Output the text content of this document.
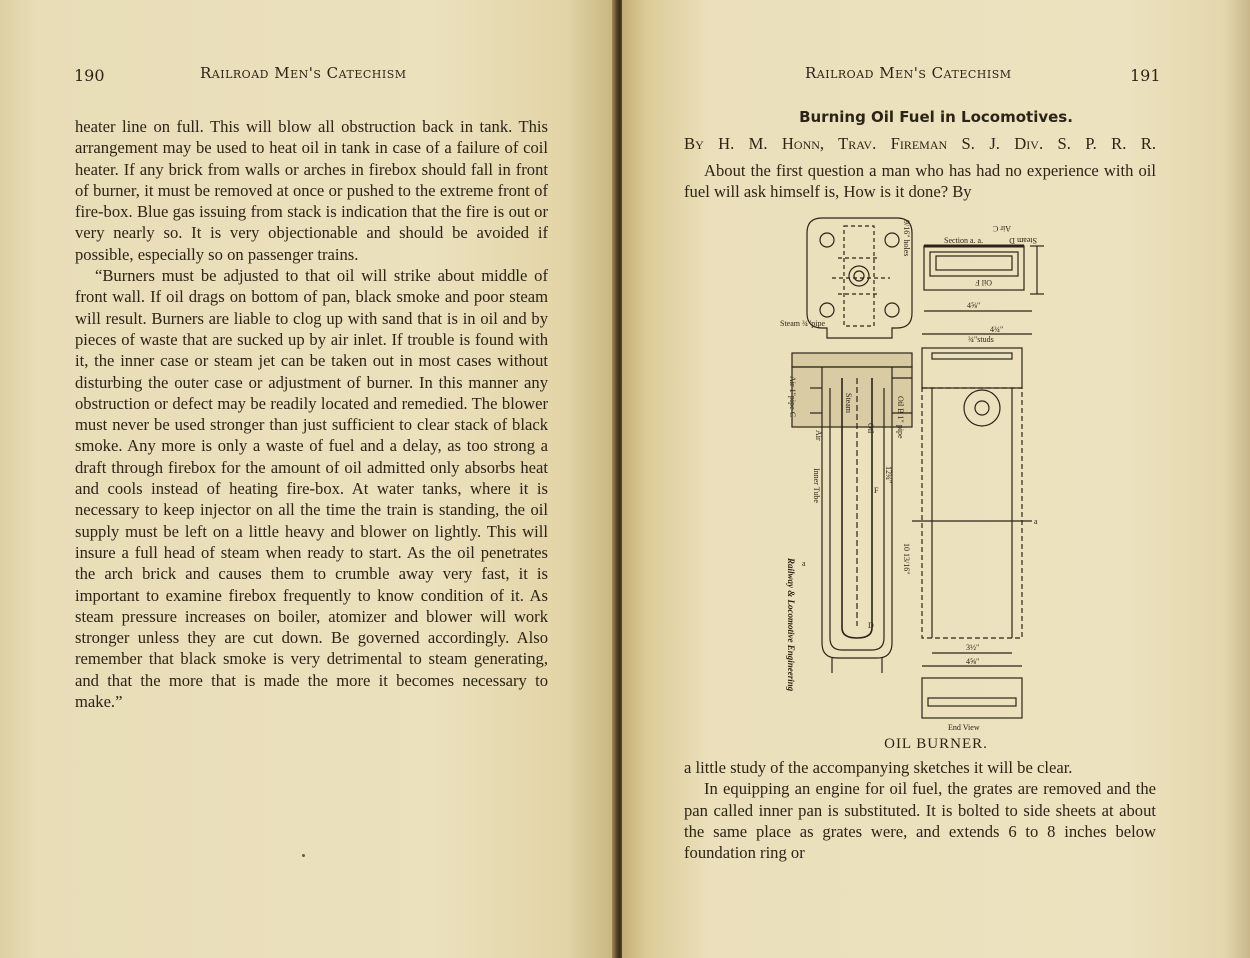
190	Railroad Men's Catechism

heater line on full. This will blow all obstruction back in tank. This arrangement may be used to heat oil in tank in case of a failure of coil heater. If any brick from walls or arches in firebox should fall in front of burner, it must be removed at once or pushed to the extreme front of fire-box. Blue gas issuing from stack is indication that the fire is out or very nearly so. It is very objectionable and should be avoided if possible, especially so on passenger trains.

“Burners must be adjusted to that oil will strike about middle of front wall. If oil drags on bottom of pan, black smoke and poor steam will result. Burners are liable to clog up with sand that is in oil and by pieces of waste that are sucked up by air inlet. If trouble is found with it, the inner case or steam jet can be taken out in most cases without disturbing the outer case or adjustment of burner. In this manner any obstruction or defect may be readily located and remedied. The blower must never be used stronger than just sufficient to clear stack of black smoke. Any more is only a waste of fuel and a delay, as too strong a draft through firebox for the amount of oil admitted only absorbs heat and cools instead of heating fire-box. At water tanks, where it is necessary to keep injector on all the time the train is standing, the oil supply must be left on a little heavy and blower on lightly. This will insure a full head of steam when ready to start. As the oil penetrates the arch brick and causes them to crumble away very fast, it is important to examine firebox frequently to know condition of it. As steam pressure increases on boiler, atomizer and blower will work stronger unless they are cut down. Be governed accordingly. Also remember that black smoke is very detrimental to steam generating, and that the more that is made the more it becomes necessary to make.”

Railroad Men's Catechism	191
Burning Oil Fuel in Locomotives.
By H. M. Honn, Trav. Fireman S. J. Div. S. P. R. R.
About the first question a man who has had no experience with oil fuel will ask himself is, How is it done? By
9/16" holes	Section a. a.	Steam D
Air C
Oil F
4⅝"
4¾"
¾"studs
Steam ¾"pipe
Air 1"pipe C	Oil B 1" pipe
Air
Steam
Oil
Inner Tube	12¾"
10 13/16"
a
F
D
3½"
4⅝"
a
End View
Railway & Locomotive Engineering
OIL BURNER.

a little study of the accompanying sketches it will be clear.

In equipping an engine for oil fuel, the grates are removed and the pan called inner pan is substituted. It is bolted to side sheets at about the same place as grates were, and extends 6 to 8 inches below foundation ring or
